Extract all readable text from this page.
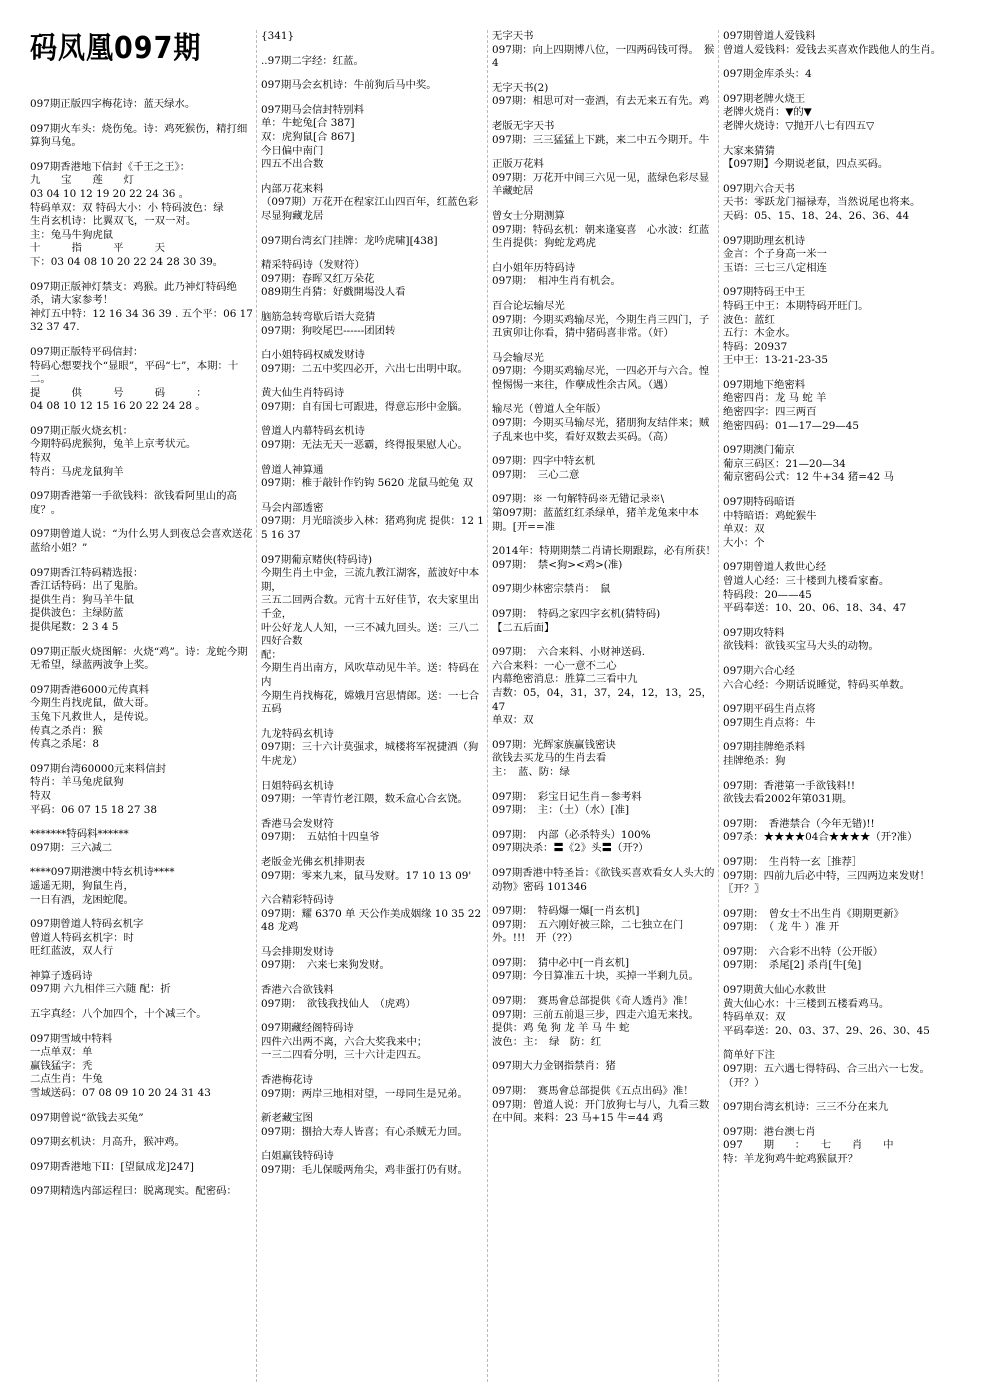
码凤凰097期
097期正版四字梅花诗：蓝天绿水。
097期火车头：烧伤兔。诗：鸡死猴伤，精打细算狗马兔。
097期香港地下信封《千王之王》：
九　　宝　　莲　　灯
03 04 10 12 19 20 22 24 36 。
特码单双：双 特码大小：小 特码波色：绿
生肖玄机诗：比翼双飞，一双一对。
主：兔马牛狗虎鼠
十　　　指　　　平　　　天
下：03 04 08 10 20 22 24 28 30 39。
097期正版神灯禁支：鸡猴。此乃神灯特码绝杀，请大家参考！
神灯五中特：12 16 34 36 39 . 五个平：06 17 32 37 47.
097期正版特平码信封：
特码心想要找个“显眼”，平码“七”，本期：十二。
提　　　供　　　号　　　码　　　：
04 08 10 12 15 16 20 22 24 28 。
097期正版火烧玄机：
今期特码虎猴狗，兔羊上京考状元。
特双
特肖：马虎龙鼠狗羊
097期香港第一手欲钱料：欲钱看阿里山的高度？。
097期曾道人说：“为什么男人到夜总会喜欢送花蓝给小姐？”
097期香江特码精选报：
香江话特码：出了鬼胎。
提供生肖：狗马羊牛鼠
提供波色：主绿防蓝
提供尾数：2 3 4 5
097期正版火烧图解：火烧“鸡”。诗：龙蛇今期无希望，绿蓝两波争上奖。
097期香港6000元传真料
今期生肖找虎鼠，做大哥。
玉兔下凡救世人，是传说。
传真之杀肖：猴
传真之杀尾：8
097期台湾60000元来料信封
特肖：羊马兔虎鼠狗
特双
平码：06 07 15 18 27 38
*******特码料******
097期：三六减二
****097期港澳中特玄机诗****
遥遥无期，狗鼠生肖，
一日有酒，龙困蛇爬。
097期曾道人特码玄机字
曾道人特码玄机字：时
旺红蓝波，双人行
神算子透码诗
097期 六九相伴三六随 配：折
五字真经：八个加四个，十个减三个。
097期雪域中特料
一点单双：单
赢钱猛字：秃
二点生肖：牛兔
雪域送码：07 08 09 10 20 24 31 43
097期曾说“欲钱去买兔”
097期玄机诀：月高升，猴冲鸡。
097期香港地下II：[望鼠成龙]247]
097期精选内部运程曰：脱离现实。配密码：
{341}
..97期二字经：红蓝。
097期马会玄机诗：牛前狗后马中奖。
097期马会信封特别料
单：牛蛇兔[合 387]
双：虎狗鼠[合 867]
今日偏中南门
四五不出合数
内部万花来料
（097期）万花开在程家江山四百年，红蓝色彩尽显狗藏龙居
097期台湾玄门挂牌：龙吟虎啸][438]
精采特码诗（发财符）
097期：春晖又红万朵花
089期生肖猜：好戲開場没人看
脑筋急转弯歇后语大竞猜
097期：狗咬尾巴------团团转
白小姐特码权威发财诗
097期：二五中奖四必开，六出七出明中取。
黄大仙生肖特码诗
097期：自有国七可跟进，得意忘形中金腦。
曾道人内幕特码玄机诗
097期：无法无天一恶霸，终得报果慰人心。
曾道人神算通
097期：椎于敲针作钓钩 5620 龙鼠马蛇兔 双
马会内部透密
097期：月光暗淡步入林：猪鸡狗虎 提供：12 15 16 37
097期葡京赌侠(特码诗)
今期生肖土中金，三流九教江湖客，蓝波好中本期，
三五二回两合数。元宵十五好佳节，农夫家里出千金，
叶公好龙人人知，一三不减九回头。送：三八二四好合数
配：
今期生肖出南方，风吹草动见牛羊。送：特码在内
今期生肖找梅花，嫦娥月宫思情郎。送：一七合五码
九龙特码玄机诗
097期：三十六计莫强求，城楼将军祝捷酒（狗牛虎龙）
日姐特码玄机诗
097期：一竿青竹老江隈，数禾盒心合玄饶。
香港马会发财符
097期：　五姑怕十四皇爷
老版金光佛玄机排期表
097期：零来九来，鼠马发财。17 10 13 09'
六合精彩特码诗
097期：耀 6370 单 天公作美成姻缘 10 35 22 48 龙鸡
马会排期发财诗
097期：　六来七来狗发财。
香港六合欲钱料
097期：　欲钱我找仙人　（虎鸡）
097期藏经阁特码诗
四件六出两不离，六合大奖我来中；
一三二四看分明，三十六计走四五。
香港梅花诗
097期：两岸三地相对望，一母同生是兄弟。
新老藏宝图
097期：捌拾大寿人皆喜；有心杀贼无力回。
白姐赢钱特码诗
097期：毛儿保暖两角尖，鸡非蛋打仍有财。
无字天书
097期：向上四期博八位，一四两码钱可得。　猴 4
无字天书(2)
097期：相思可对一壶酒，有去无来五有先。鸡
老版无字天书
097期：三三猛猛上下跳，来二中五今期开。牛
正版万花料
097期：万花开中间三六见一见，蓝绿色彩尽显羊藏蛇居
曾女士分期测算
097期：特码玄机：朝来逢宴喜　心水波：红蓝　生肖提供：狗蛇龙鸡虎
白小姐年历特码诗
097期：　相冲生肖有机会。
百合论坛输尽光
097期：今期买鸡输尽光，今期生肖三四门，子丑寅卯让你看，猜中猪码喜非常。（奸）
马会输尽光
097期：今期买鸡输尽光，一四必开与六合。惶惶惕惕一来往，作孽成性余古风。（遇）
输尽光（曾道人全年版）
097期：今期买马输尽光，猪朋狗友结伴来；贼子乱来也中奖，看好双数去买码。（高）
097期：四字中特玄机
097期：　三心二意
097期：※ 一句解特码※无错记录※\
第097期：蓝蓝红红杀绿单，猪羊龙兔来中本期。[开==准
2014年：特期期禁二肖请长期跟踪，必有所获！
097期：　禁<狗><鸡>(准)
097期少林密宗禁肖：　鼠
097期：　特码之家四字玄机(猜特码)
【二五后面】
097期：　六合来料、小财神送码.
六合来料：一心一意不二心
内幕绝密消息：胜算二三看中九
吉数：05，04，31，37，24，12，13，25，47
单双：双
097期：光辉家族赢钱密诀
欲钱去买龙马的生肖去看
主：　蓝、防：绿
097期：　彩宝日记生肖－参考料
097期：　主：（土）（水）[准]
097期：　内部（必杀特头）100%
097期决杀：〓《2》头〓（开?）
097期香港中特圣旨：《欲钱买喜欢看女人头大的动物》密码 101346
097期：　特码爆一爆[一肖玄机]
097期：　五六刚好被三除，二七独立在门外。!!!　开（??）
097期：　猜中必中[一肖玄机]
097期：今日算准五十块，买掉一半剩九员。
097期：　赛馬會总部提供《奇人透肖》准！
097期：三前五前退三步，四走六追无来找。
提供：鸡 兔 狗 龙 羊 马 牛 蛇
波色：主：　绿　防：红
097期大力金钢指禁肖：猪
097期：　赛馬會总部提供《五点出码》准！
097期：曾道人说：开门放狗七与八，九看三数在中间。来料：23 马+15 牛=44 鸡
097期曾道人爱钱料
曾道人爱钱料：爱钱去买喜欢作践他人的生肖。
097期金库杀头：4
097期老牌火烧王
老牌火烧肖：▼的▼
老牌火烧诗：▽抛开八七有四五▽
大家来猜猜
【097期】今期说老鼠，四点买码。
097期六合天书
天书：零跃龙门福禄寿，当然说尾也将来。
天码：05、15、18、24、26、36、44
097期助理玄机诗
金言：个子身高一米一
玉语：三七三八定相连
097期特码王中王
特码王中王：本期特码开旺门。
波色：蓝红
五行：木金水。
特码：20937
王中王：13-21-23-35
097期地下绝密料
绝密四肖：龙 马 蛇 羊
绝密四字：四三两百
绝密四码：01—17—29—45
097期澳门葡京
葡京三码区：21—20—34
葡京密码公式：12 牛+34 猪=42 马
097期特码暗语
中特暗语：鸡蛇猴牛
单双：双
大小：个
097期曾道人救世心经
曾道人心经：三十楼到九楼看家畜。
特码段：20——45
平码奉送：10、20、06、18、34、47
097期攻特料
欲钱料：欲钱买宝马大头的动物。
097期六合心经
六合心经：今期话说睡觉，特码买单数。
097期平码生肖点将
097期生肖点将：牛
097期挂牌绝杀料
挂牌绝杀：狗
097期：香港第一手欲钱料!!
欲钱去看2002年第031期。
097期：　香港禁合（今年无错)!!
097杀：★★★★04合★★★★（开?准）
097期：　生肖特一玄［推荐］
097期：四前九后必中特，三四两边来发财！〖开？〗
097期：　曾女士不出生肖《期期更新》
097期：　（ 龙 牛 ）准 开
097期：　六合彩不出特（公开版）
097期：　杀尾[2] 杀肖[牛[兔]
097期黄大仙心水救世
黄大仙心水：十三楼到五楼看鸡马。
特码单双：双
平码奉送：20、03、37、29、26、30、45
简单好下注
097期：五六遇七得特码、合三出六一七发。（开？）
097期台湾玄机诗：三三不分在来九
097期：港台澳七肖
097　　期　　：　　七　　肖　　中
特：羊龙狗鸡牛蛇鸡猴鼠开？
